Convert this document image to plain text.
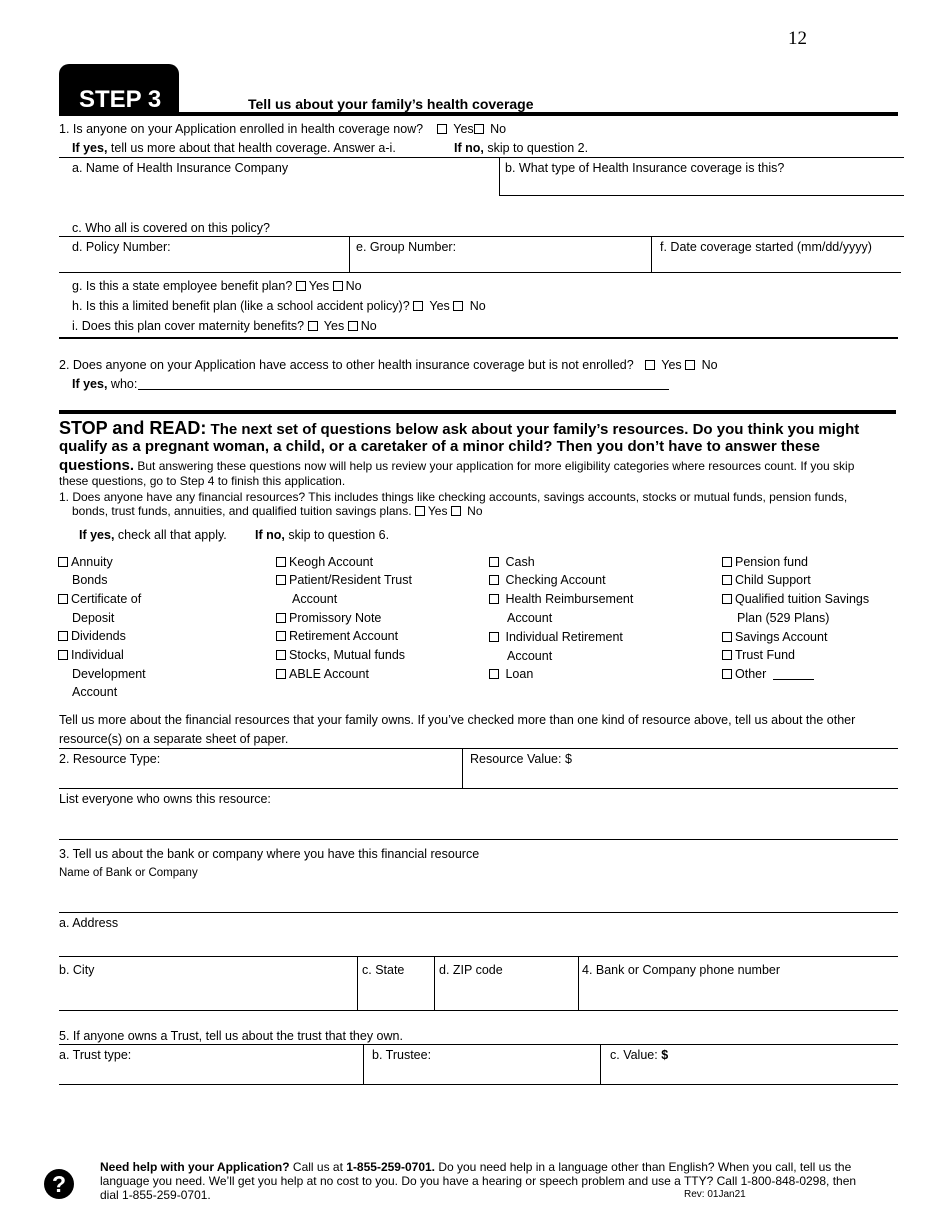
12
STEP 3	Tell us about your family’s health coverage
1. Is anyone on your Application enrolled in health coverage now?	Yes No
If yes, tell us more about that health coverage. Answer a-i.	If no, skip to question 2.
a. Name of Health Insurance Company	b. What type of Health Insurance coverage is this?
c. Who all is covered on this policy?
d. Policy Number:	e. Group Number:	f. Date coverage started (mm/dd/yyyy)
g. Is this a state employee benefit plan? Yes No
h. Is this a limited benefit plan (like a school accident policy)? Yes No
i. Does this plan cover maternity benefits? Yes No
2. Does anyone on your Application have access to other health insurance coverage but is not enrolled?	Yes No
If yes, who:
STOP and READ: The next set of questions below ask about your family’s resources. Do you think you might
qualify as a pregnant woman, a child, or a caretaker of a minor child? Then you don’t have to answer these
questions. But answering these questions now will help us review your application for more eligibility categories where resources count. If you skip
these questions, go to Step 4 to finish this application.
1. Does anyone have any financial resources? This includes things like checking accounts, savings accounts, stocks or mutual funds, pension funds,
bonds, trust funds, annuities, and qualified tuition savings plans. Yes No
If yes, check all that apply. If no, skip to question 6.
Annuity
Bonds
Certificate of
Deposit
Dividends
Individual
Development
Account
Keogh Account
Patient/Resident Trust
Account
Promissory Note
Retirement Account
Stocks, Mutual funds
ABLE Account
Cash
Checking Account
Health Reimbursement
Account
Individual Retirement
Account
Loan
Pension fund
Child Support
Qualified tuition Savings
Plan (529 Plans)
Savings Account
Trust Fund
Other
Tell us more about the financial resources that your family owns. If you’ve checked more than one kind of resource above, tell us about the other
resource(s) on a separate sheet of paper.
2. Resource Type:	Resource Value: $
List everyone who owns this resource:
3. Tell us about the bank or company where you have this financial resource
Name of Bank or Company
a. Address
b. City	c. State	d. ZIP code	4. Bank or Company phone number
5. If anyone owns a Trust, tell us about the trust that they own.
a. Trust type:	b. Trustee:	c. Value: $
?
Need help with your Application? Call us at 1-855-259-0701. Do you need help in a language other than English? When you call, tell us the
language you need. We’ll get you help at no cost to you. Do you have a hearing or speech problem and use a TTY? Call 1-800-848-0298, then
dial 1-855-259-0701.	Rev: 01Jan21
